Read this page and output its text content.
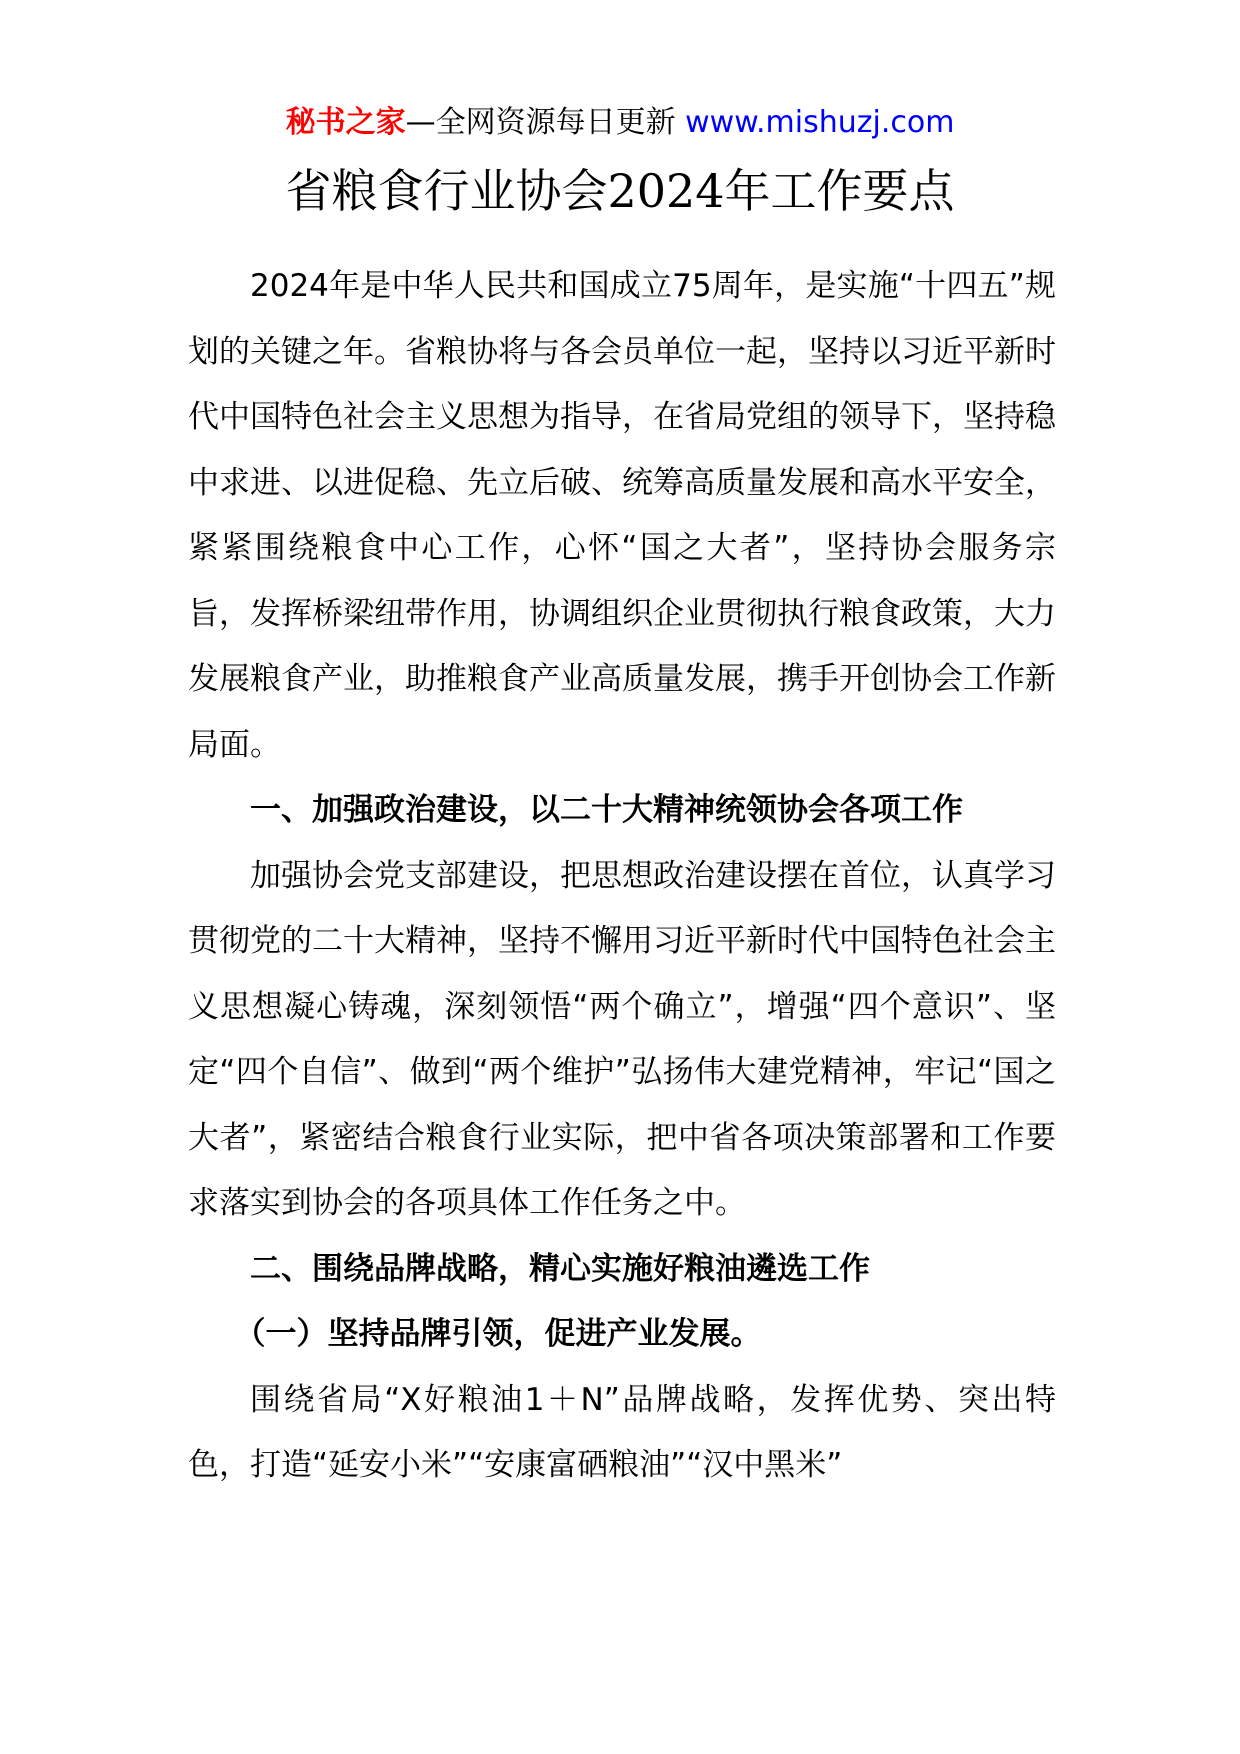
秘书之家—全网资源每日更新 www.mishuzj.com
省粮食行业协会2024年工作要点

2024年是中华人民共和国成立75周年，是实施“十四五”规划的关键之年。省粮协将与各会员单位一起，坚持以习近平新时代中国特色社会主义思想为指导，在省局党组的领导下，坚持稳中求进、以进促稳、先立后破、统筹高质量发展和高水平安全，紧紧围绕粮食中心工作，心怀“国之大者”，坚持协会服务宗旨，发挥桥梁纽带作用，协调组织企业贯彻执行粮食政策，大力发展粮食产业，助推粮食产业高质量发展，携手开创协会工作新局面。

一、加强政治建设，以二十大精神统领协会各项工作

加强协会党支部建设，把思想政治建设摆在首位，认真学习贯彻党的二十大精神，坚持不懈用习近平新时代中国特色社会主义思想凝心铸魂，深刻领悟“两个确立”，增强“四个意识”、坚定“四个自信”、做到“两个维护”弘扬伟大建党精神，牢记“国之大者”，紧密结合粮食行业实际，把中省各项决策部署和工作要求落实到协会的各项具体工作任务之中。

二、围绕品牌战略，精心实施好粮油遴选工作
（一）坚持品牌引领，促进产业发展。

围绕省局“X好粮油1＋N”品牌战略，发挥优势、突出特色，打造“延安小米”“安康富硒粮油”“汉中黑米”
